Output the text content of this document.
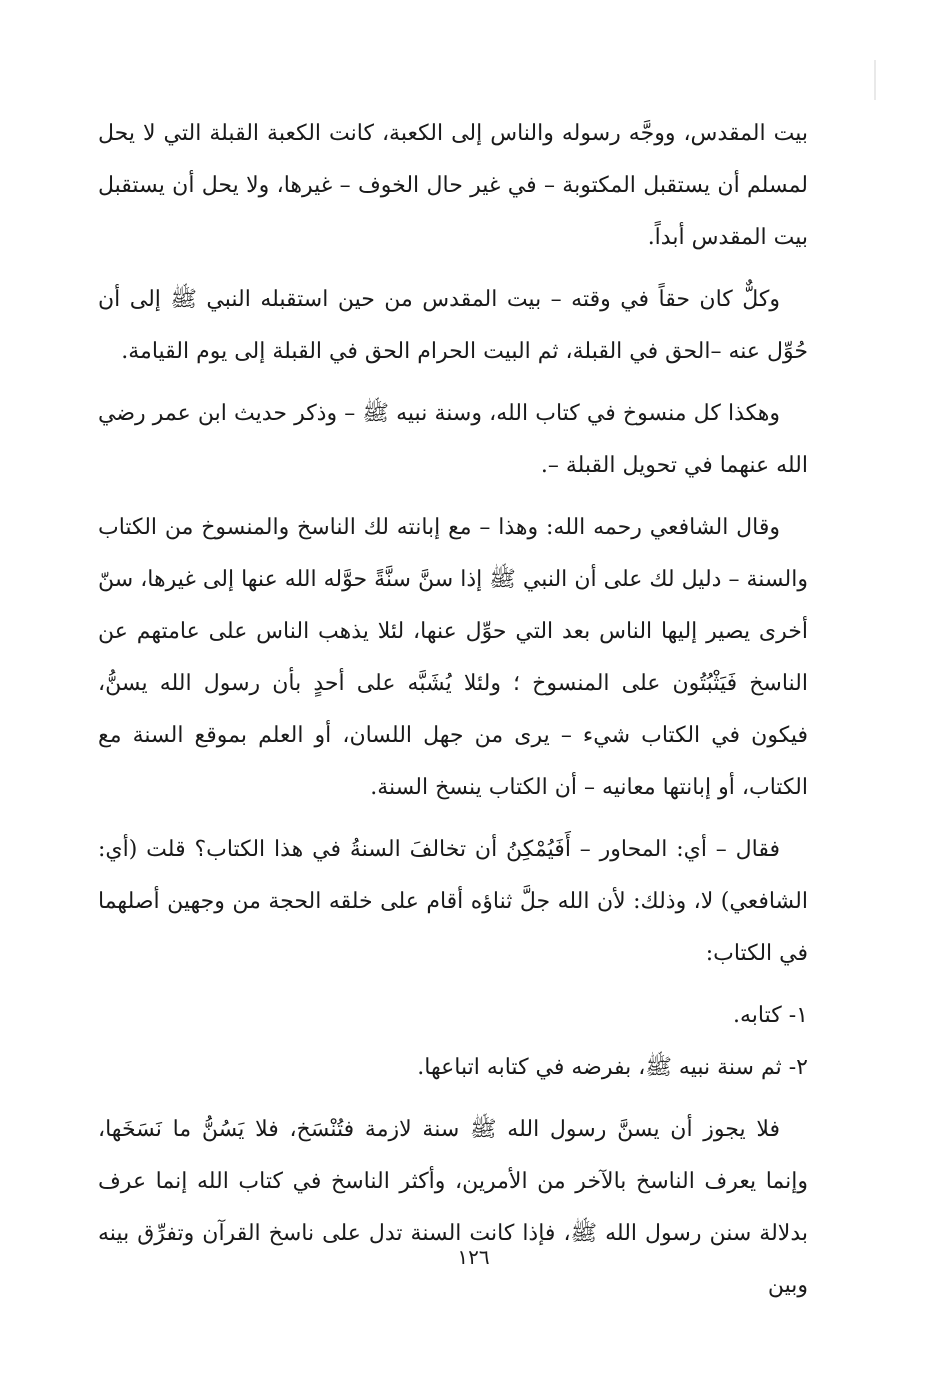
بيت المقدس، ووجَّه رسوله والناس إلى الكعبة، كانت الكعبة القبلة التي لا يحل لمسلم أن يستقبل المكتوبة – في غير حال الخوف – غيرها، ولا يحل أن يستقبل بيت المقدس أبداً.

وكلٌّ كان حقاً في وقته – بيت المقدس من حين استقبله النبي ﷺ إلى أن حُوِّل عنه –الحق في القبلة، ثم البيت الحرام الحق في القبلة إلى يوم القيامة.

وهكذا كل منسوخ في كتاب الله، وسنة نبيه ﷺ – وذكر حديث ابن عمر رضي الله عنهما في تحويل القبلة –.

وقال الشافعي رحمه الله: وهذا – مع إبانته لك الناسخ والمنسوخ من الكتاب والسنة – دليل لك على أن النبي ﷺ إذا سنَّ سنَّةً حوَّله الله عنها إلى غيرها، سنّ أخرى يصير إليها الناس بعد التي حوِّل عنها، لئلا يذهب الناس على عامتهم عن الناسخ فَيَثْبُتُون على المنسوخ ؛ ولئلا يُشَبَّه على أحدٍ بأن رسول الله يسنُّ، فيكون في الكتاب شيء – يرى من جهل اللسان، أو العلم بموقع السنة مع الكتاب، أو إبانتها معانيه – أن الكتاب ينسخ السنة.

فقال – أي: المحاور – أَفَيُمْكِنُ أن تخالفَ السنةُ في هذا الكتاب؟ قلت (أي: الشافعي) لا، وذلك: لأن الله جلَّ ثناؤه أقام على خلقه الحجة من وجهين أصلهما في الكتاب:

١- كتابه.

٢- ثم سنة نبيه ﷺ، بفرضه في كتابه اتباعها.

فلا يجوز أن يسنَّ رسول الله ﷺ سنة لازمة فتُنْسَخ، فلا يَسُنُّ ما نَسَخَها، وإنما يعرف الناسخ بالآخر من الأمرين، وأكثر الناسخ في كتاب الله إنما عرف بدلالة سنن رسول الله ﷺ، فإذا كانت السنة تدل على ناسخ القرآن وتفرِّق بينه وبين

١٢٦
